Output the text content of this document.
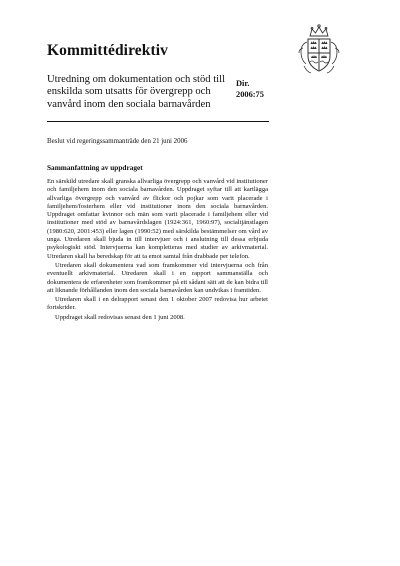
Kommittédirektiv

Utredning om dokumentation och stöd till enskilda som utsatts för övergrepp och vanvård inom den sociala barnavården

Dir.
2006:75
Beslut vid regeringssammanträde den 21 juni 2006
Sammanfattning av uppdraget

En särskild utredare skall granska allvarliga övergrepp och vanvård vid institutioner och familjehem inom den sociala barnavården. Uppdraget syftar till att kartlägga allvarliga övergrepp och vanvård av flickor och pojkar som varit placerade i familjehem/fosterhem eller vid institutioner inom den sociala barnavården. Uppdraget omfattar kvinnor och män som varit placerade i familjehem eller vid institutioner med stöd av barnavårdslagen (1924:361, 1960:97), socialtjänstlagen (1980:620, 2001:453) eller lagen (1990:52) med särskilda bestämmelser om vård av unga. Utredaren skall bjuda in till intervjuer och i anslutning till dessa erbjuda psykologiskt stöd. Intervjuerna kan kompletteras med studier av arkivmaterial. Utredaren skall ha beredskap för att ta emot samtal från drabbade per telefon.

Utredaren skall dokumentera vad som framkommer vid intervjuerna och från eventuellt arkivmaterial. Utredaren skall i en rapport sammanställa och dokumentera de erfarenheter som framkommer på ett sådant sätt att de kan bidra till att liknande förhållanden inom den sociala barnavården kan undvikas i framtiden.

Utredaren skall i en delrapport senast den 1 oktober 2007 redovisa hur arbetet fortskrider.

Uppdraget skall redovisas senast den 1 juni 2008.
